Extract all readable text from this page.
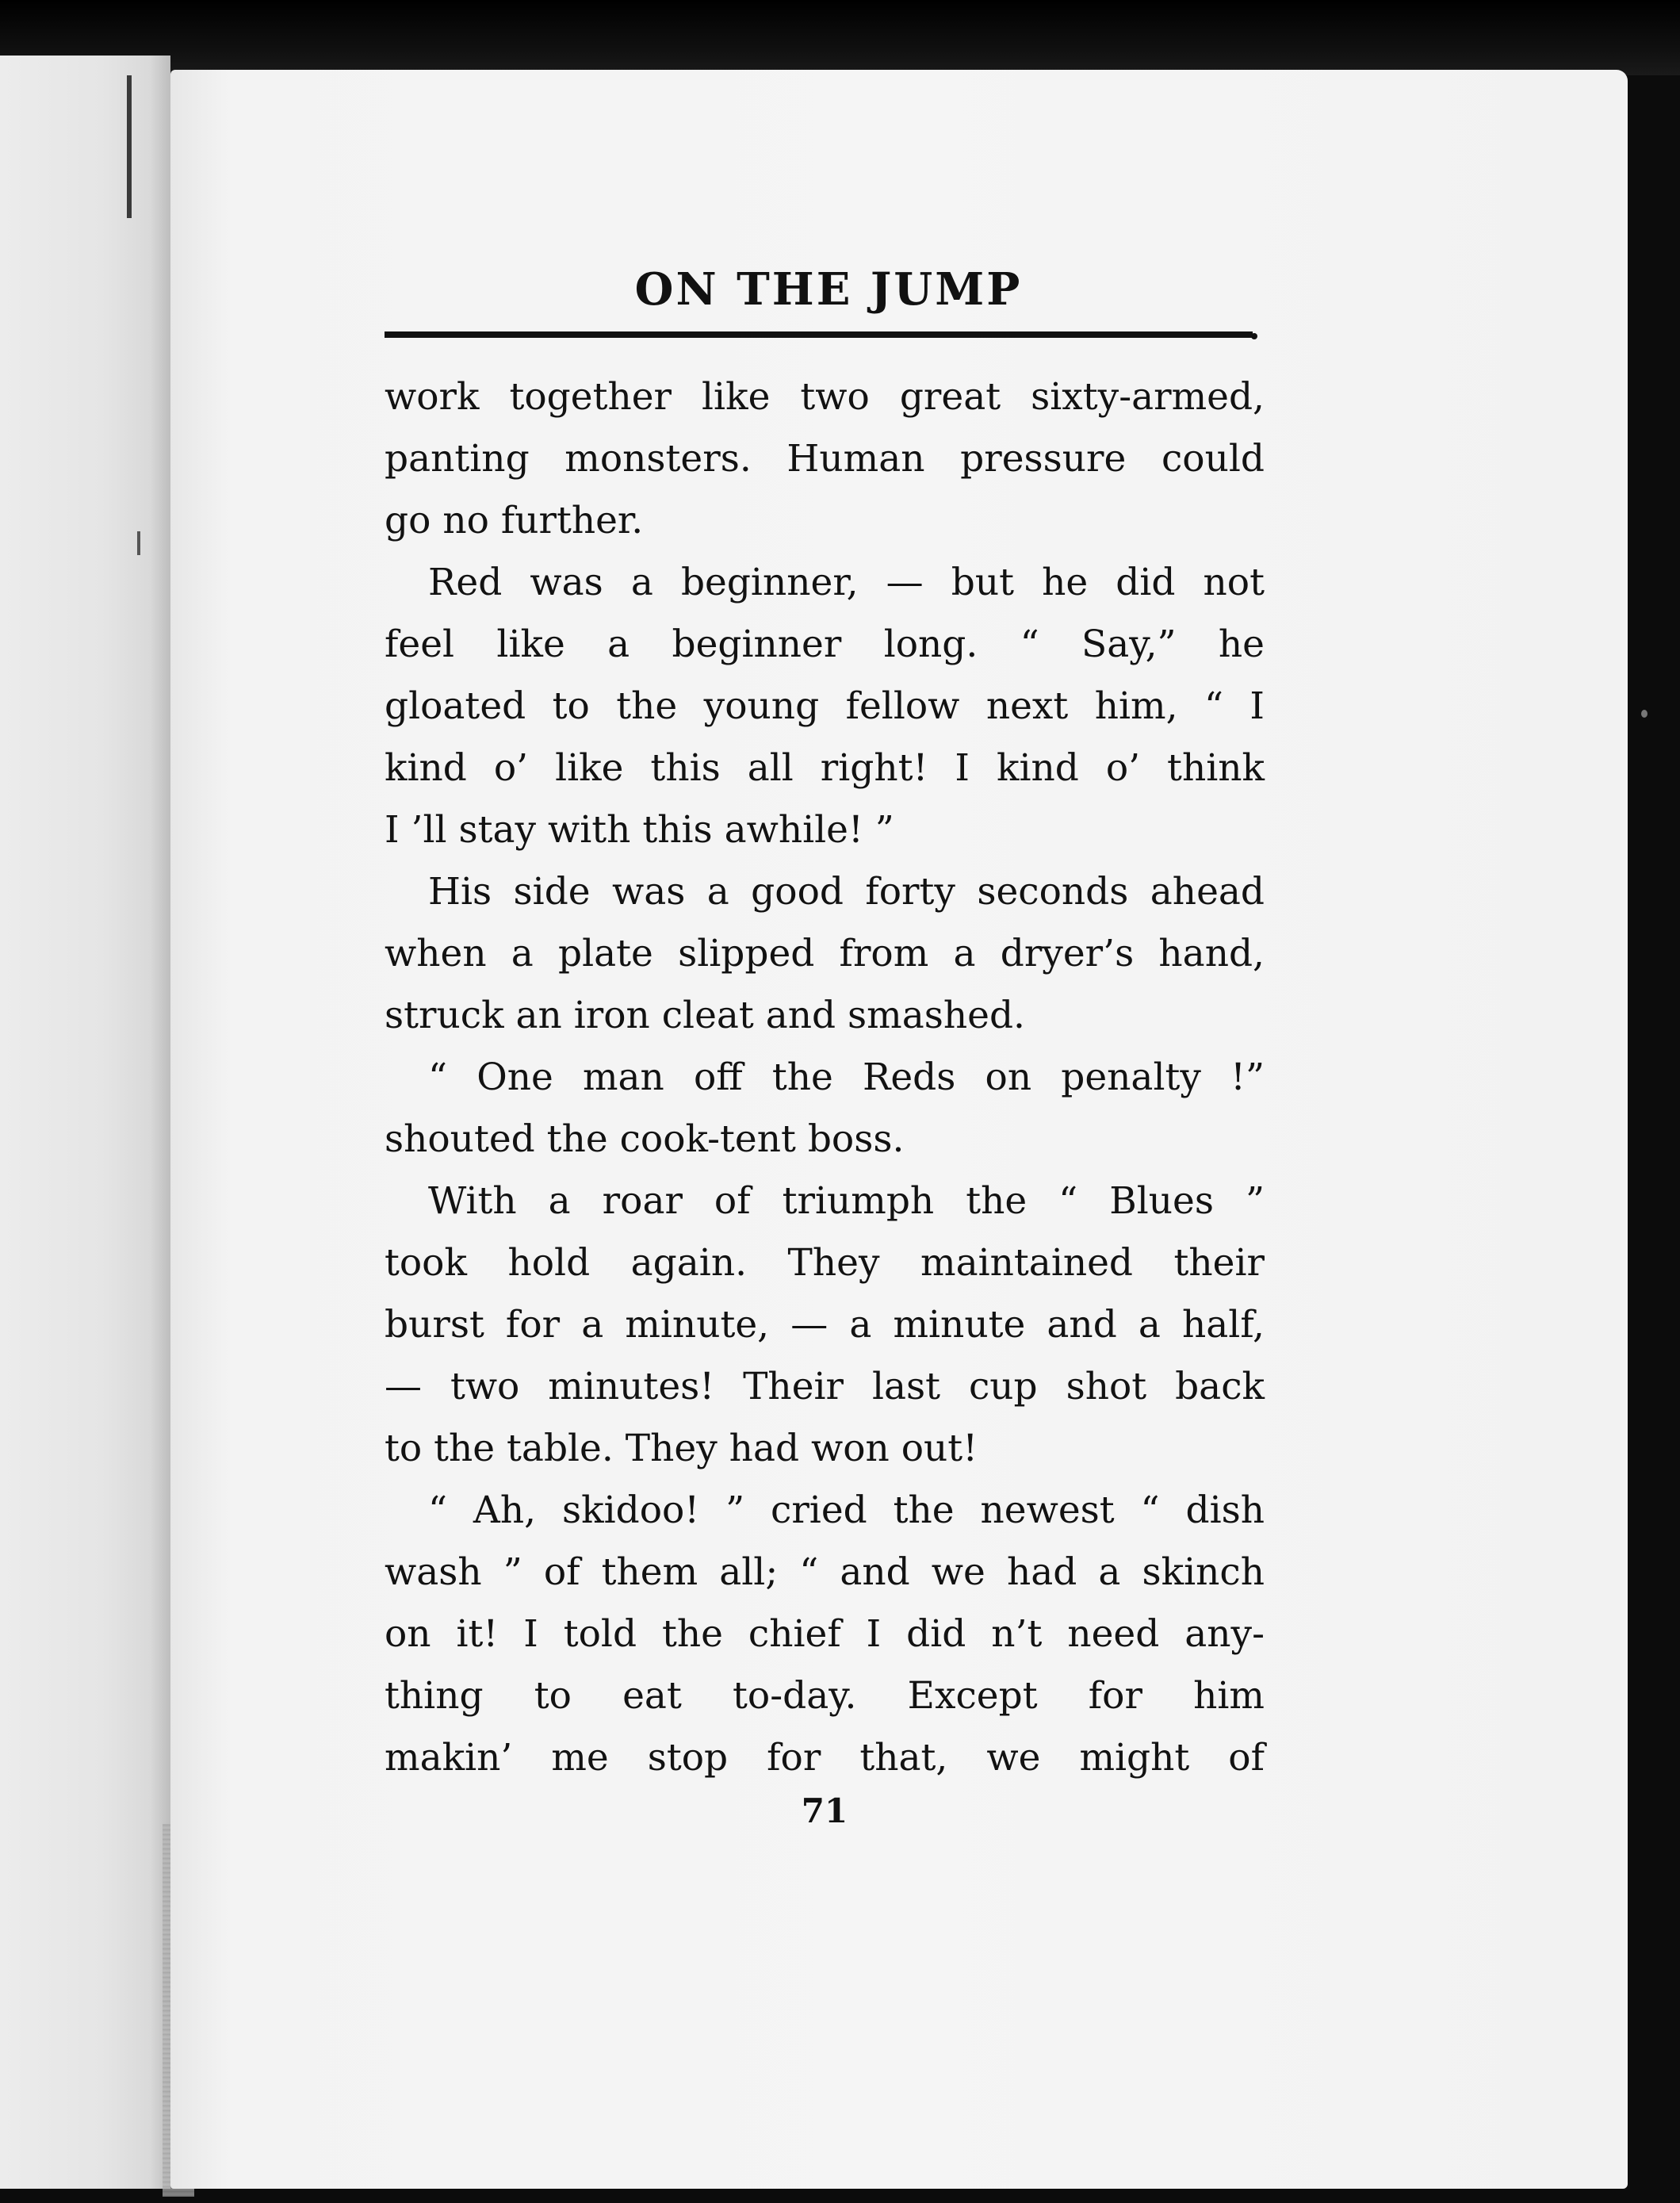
ON THE JUMP
work together like two great sixty-armed,
panting monsters. Human pressure could
go no further.
Red was a beginner, — but he did not
feel like a beginner long. “ Say,” he
gloated to the young fellow next him, “ I
kind o’ like this all right! I kind o’ think
I ’ll stay with this awhile! ”
His side was a good forty seconds ahead
when a plate slipped from a dryer’s hand,
struck an iron cleat and smashed.
“ One man off the Reds on penalty !”
shouted the cook-tent boss.
With a roar of triumph the “ Blues ”
took hold again. They maintained their
burst for a minute, — a minute and a half,
— two minutes! Their last cup shot back
to the table. They had won out!
“ Ah, skidoo! ” cried the newest “ dish
wash ” of them all; “ and we had a skinch
on it! I told the chief I did n’t need any-
thing to eat to-day. Except for him
makin’ me stop for that, we might of
71
